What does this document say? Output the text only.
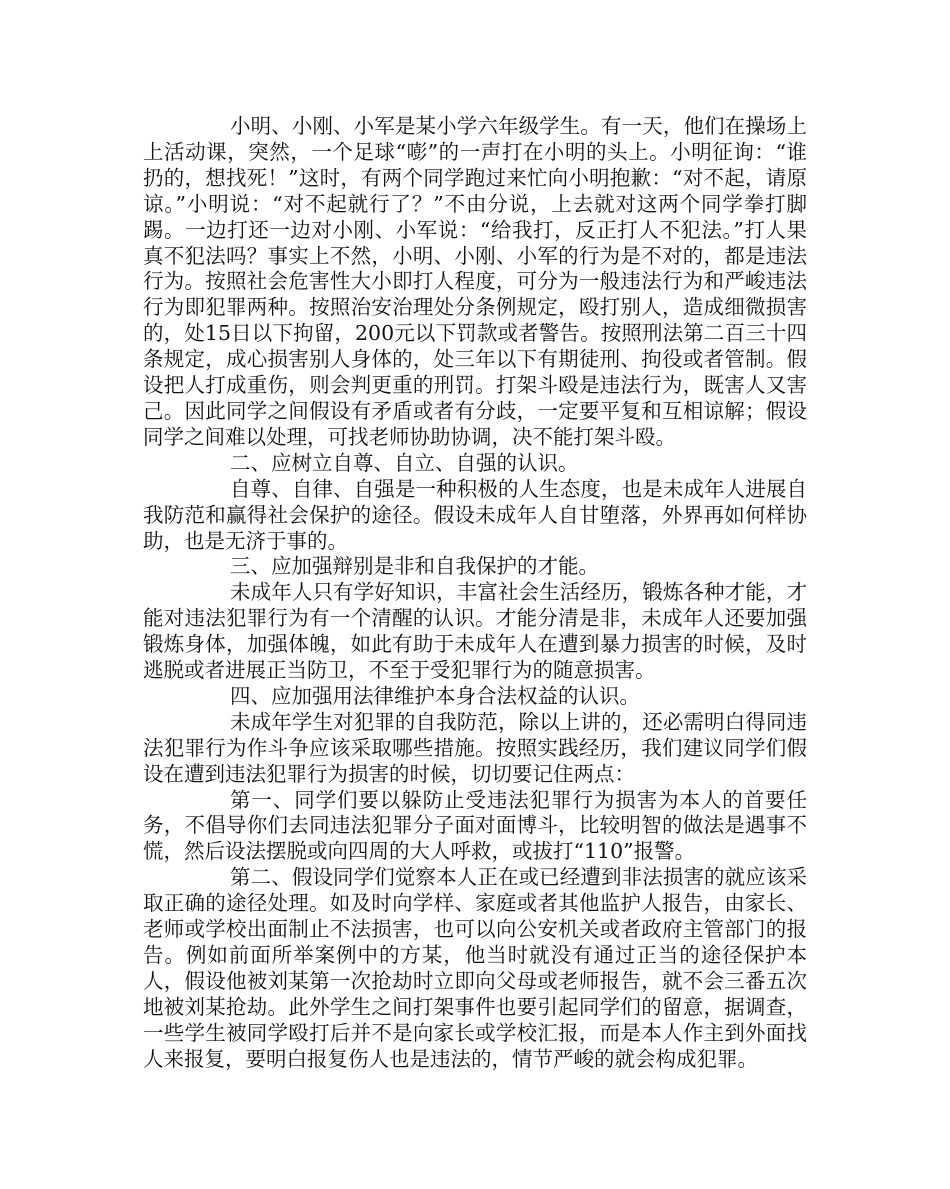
小明、小刚、小军是某小学六年级学生。有一天，他们在操场上上活动课，突然，一个足球“嘭”的一声打在小明的头上。小明征询：“谁扔的，想找死！”这时，有两个同学跑过来忙向小明抱歉：“对不起，请原谅。”小明说：“对不起就行了？”不由分说，上去就对这两个同学拳打脚踢。一边打还一边对小刚、小军说：“给我打，反正打人不犯法。”打人果真不犯法吗？事实上不然，小明、小刚、小军的行为是不对的，都是违法行为。按照社会危害性大小即打人程度，可分为一般违法行为和严峻违法行为即犯罪两种。按照治安治理处分条例规定，殴打别人，造成细微损害的，处15日以下拘留，200元以下罚款或者警告。按照刑法第二百三十四条规定，成心损害别人身体的，处三年以下有期徒刑、拘役或者管制。假设把人打成重伤，则会判更重的刑罚。打架斗殴是违法行为，既害人又害己。因此同学之间假设有矛盾或者有分歧，一定要平复和互相谅解；假设同学之间难以处理，可找老师协助协调，决不能打架斗殴。

二、应树立自尊、自立、自强的认识。

自尊、自律、自强是一种积极的人生态度，也是未成年人进展自我防范和赢得社会保护的途径。假设未成年人自甘堕落，外界再如何样协助，也是无济于事的。

三、应加强辩别是非和自我保护的才能。

未成年人只有学好知识，丰富社会生活经历，锻炼各种才能，才能对违法犯罪行为有一个清醒的认识。才能分清是非，未成年人还要加强锻炼身体，加强体魄，如此有助于未成年人在遭到暴力损害的时候，及时逃脱或者进展正当防卫，不至于受犯罪行为的随意损害。

四、应加强用法律维护本身合法权益的认识。

未成年学生对犯罪的自我防范，除以上讲的，还必需明白得同违法犯罪行为作斗争应该采取哪些措施。按照实践经历，我们建议同学们假设在遭到违法犯罪行为损害的时候，切切要记住两点：

第一、同学们要以躲防止受违法犯罪行为损害为本人的首要任务，不倡导你们去同违法犯罪分子面对面博斗，比较明智的做法是遇事不慌，然后设法摆脱或向四周的大人呼救，或拔打“110”报警。

第二、假设同学们觉察本人正在或已经遭到非法损害的就应该采取正确的途径处理。如及时向学样、家庭或者其他监护人报告，由家长、老师或学校出面制止不法损害，也可以向公安机关或者政府主管部门的报告。例如前面所举案例中的方某，他当时就没有通过正当的途径保护本人，假设他被刘某第一次抢劫时立即向父母或老师报告，就不会三番五次地被刘某抢劫。此外学生之间打架事件也要引起同学们的留意，据调查，一些学生被同学殴打后并不是向家长或学校汇报，而是本人作主到外面找人来报复，要明白报复伤人也是违法的，情节严峻的就会构成犯罪。
